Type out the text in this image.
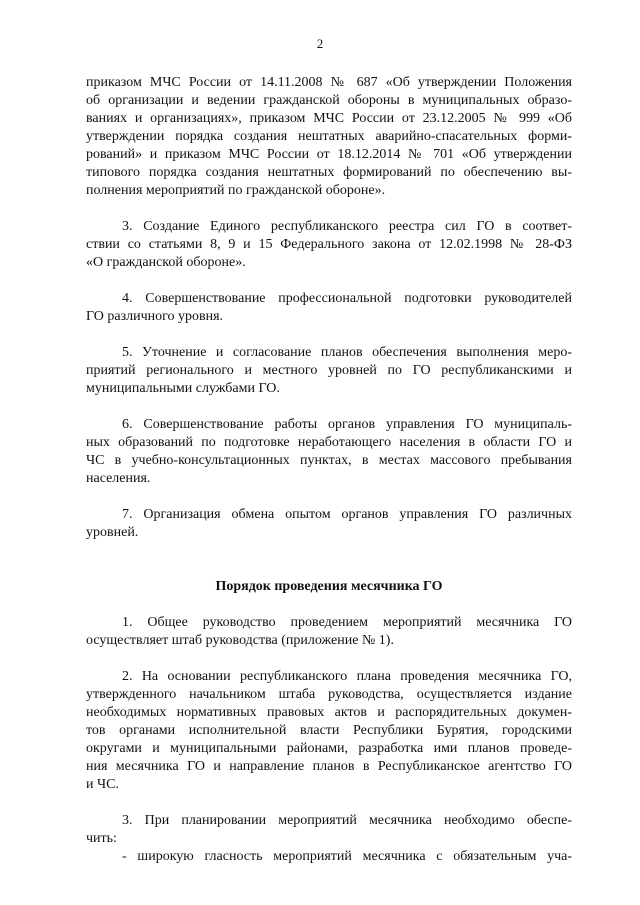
2
приказом МЧС России от 14.11.2008 № 687 «Об утверждении Положения
об организации и ведении гражданской обороны в муниципальных образо-
ваниях и организациях», приказом МЧС России от 23.12.2005 № 999 «Об
утверждении порядка создания нештатных аварийно-спасательных форми-
рований» и приказом МЧС России от 18.12.2014 № 701 «Об утверждении
типового порядка создания нештатных формирований по обеспечению вы-
полнения мероприятий по гражданской обороне».
3. Создание Единого республиканского реестра сил ГО в соответ-
ствии со статьями 8, 9 и 15 Федерального закона от 12.02.1998 № 28-ФЗ
«О гражданской обороне».
4. Совершенствование профессиональной подготовки руководителей
ГО различного уровня.
5. Уточнение и согласование планов обеспечения выполнения меро-
приятий регионального и местного уровней по ГО республиканскими и
муниципальными службами ГО.
6. Совершенствование работы органов управления ГО муниципаль-
ных образований по подготовке неработающего населения в области ГО и
ЧС в учебно-консультационных пунктах, в местах массового пребывания
населения.
7. Организация обмена опытом органов управления ГО различных
уровней.
Порядок проведения месячника ГО
1. Общее руководство проведением мероприятий месячника ГО
осуществляет штаб руководства (приложение № 1).
2. На основании республиканского плана проведения месячника ГО,
утвержденного начальником штаба руководства, осуществляется издание
необходимых нормативных правовых актов и распорядительных докумен-
тов органами исполнительной власти Республики Бурятия, городскими
округами и муниципальными районами, разработка ими планов проведе-
ния месячника ГО и направление планов в Республиканское агентство ГО
и ЧС.
3. При планировании мероприятий месячника необходимо обеспе-
чить:
- широкую гласность мероприятий месячника с обязательным уча-
